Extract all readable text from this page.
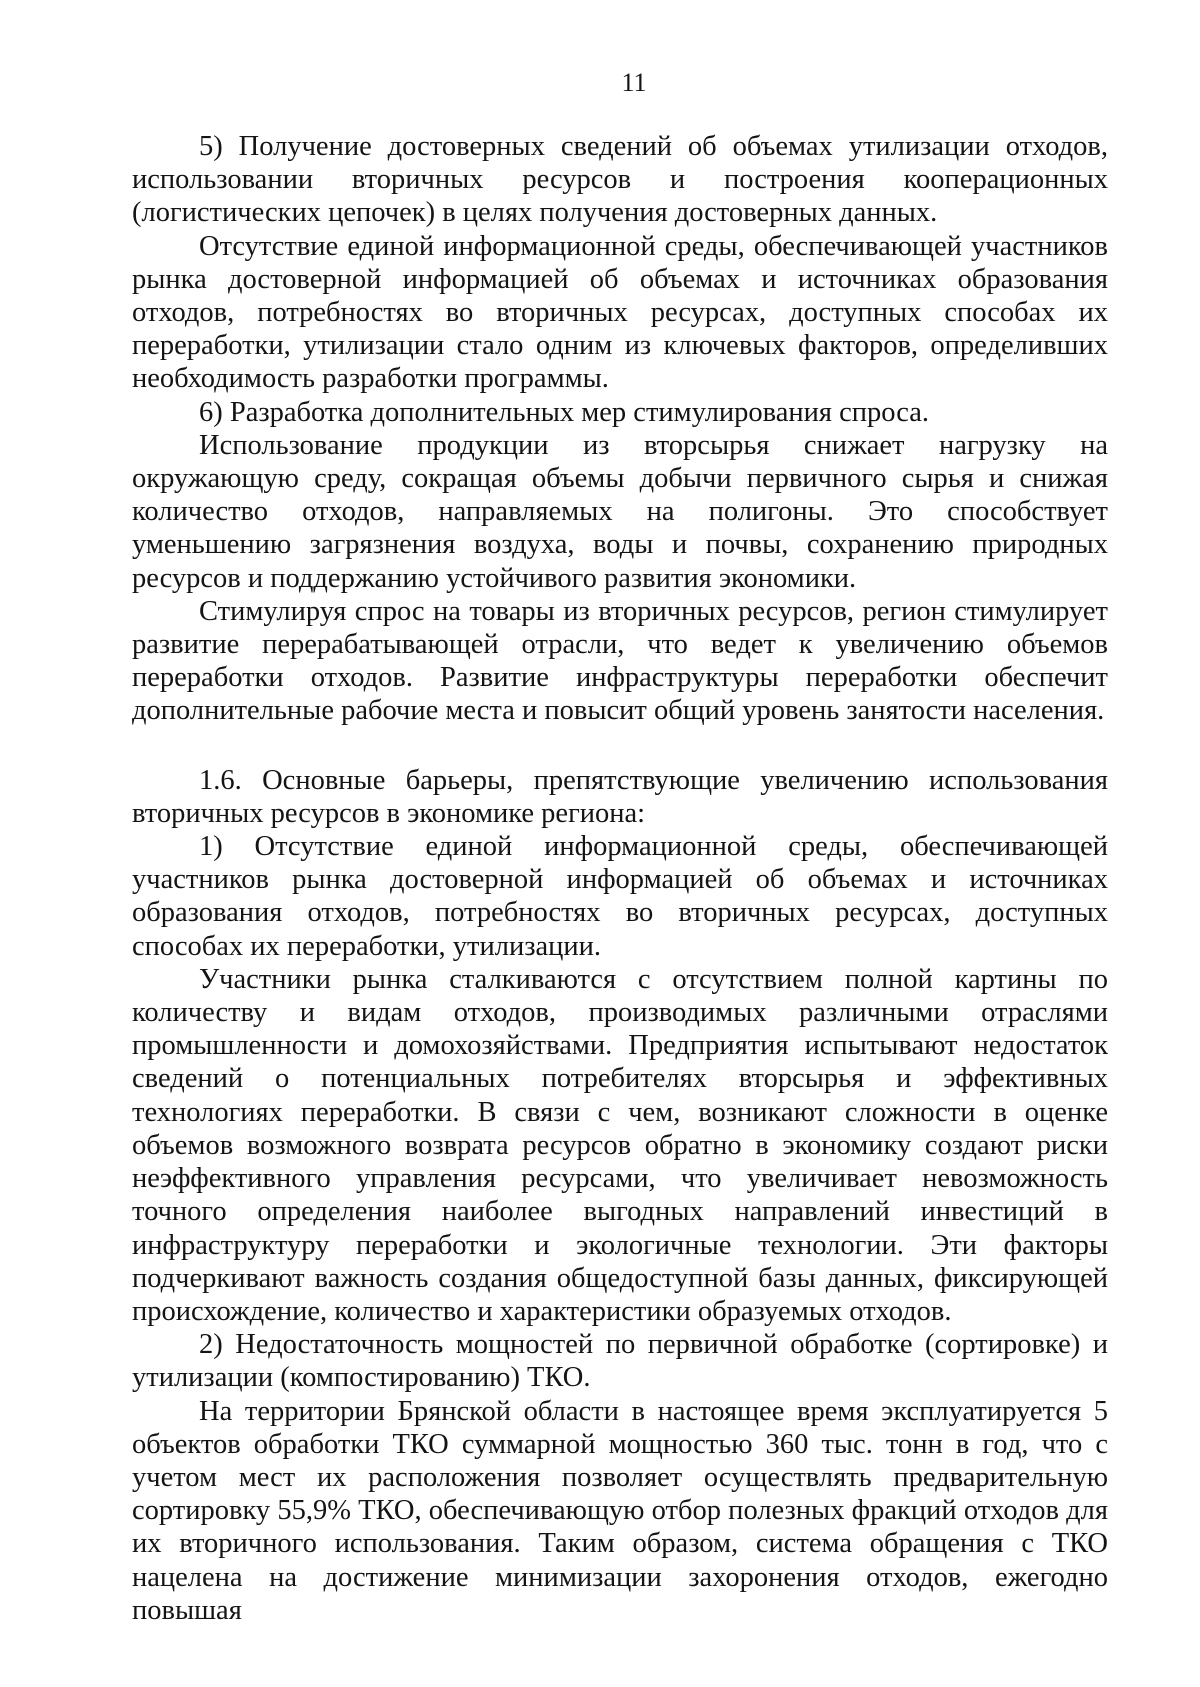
11

5) Получение достоверных сведений об объемах утилизации отходов, использовании вторичных ресурсов и построения кооперационных (логистических цепочек) в целях получения достоверных данных.

Отсутствие единой информационной среды, обеспечивающей участников рынка достоверной информацией об объемах и источниках образования отходов, потребностях во вторичных ресурсах, доступных способах их переработки, утилизации стало одним из ключевых факторов, определивших необходимость разработки программы.

6) Разработка дополнительных мер стимулирования спроса.

Использование продукции из вторсырья снижает нагрузку на окружающую среду, сокращая объемы добычи первичного сырья и снижая количество отходов, направляемых на полигоны. Это способствует уменьшению загрязнения воздуха, воды и почвы, сохранению природных ресурсов и поддержанию устойчивого развития экономики.

Стимулируя спрос на товары из вторичных ресурсов, регион стимулирует развитие перерабатывающей отрасли, что ведет к увеличению объемов переработки отходов. Развитие инфраструктуры переработки обеспечит дополнительные рабочие места и повысит общий уровень занятости населения.

1.6. Основные барьеры, препятствующие увеличению использования вторичных ресурсов в экономике региона:

1) Отсутствие единой информационной среды, обеспечивающей участников рынка достоверной информацией об объемах и источниках образования отходов, потребностях во вторичных ресурсах, доступных способах их переработки, утилизации.

Участники рынка сталкиваются с отсутствием полной картины по количеству и видам отходов, производимых различными отраслями промышленности и домохозяйствами. Предприятия испытывают недостаток сведений о потенциальных потребителях вторсырья и эффективных технологиях переработки. В связи с чем, возникают сложности в оценке объемов возможного возврата ресурсов обратно в экономику создают риски неэффективного управления ресурсами, что увеличивает невозможность точного определения наиболее выгодных направлений инвестиций в инфраструктуру переработки и экологичные технологии. Эти факторы подчеркивают важность создания общедоступной базы данных, фиксирующей происхождение, количество и характеристики образуемых отходов.

2) Недостаточность мощностей по первичной обработке (сортировке) и утилизации (компостированию) ТКО.

На территории Брянской области в настоящее время эксплуатируется 5 объектов обработки ТКО суммарной мощностью 360 тыс. тонн в год, что с учетом мест их расположения позволяет осуществлять предварительную сортировку 55,9% ТКО, обеспечивающую отбор полезных фракций отходов для их вторичного использования. Таким образом, система обращения с ТКО нацелена на достижение минимизации захоронения отходов, ежегодно повышая
